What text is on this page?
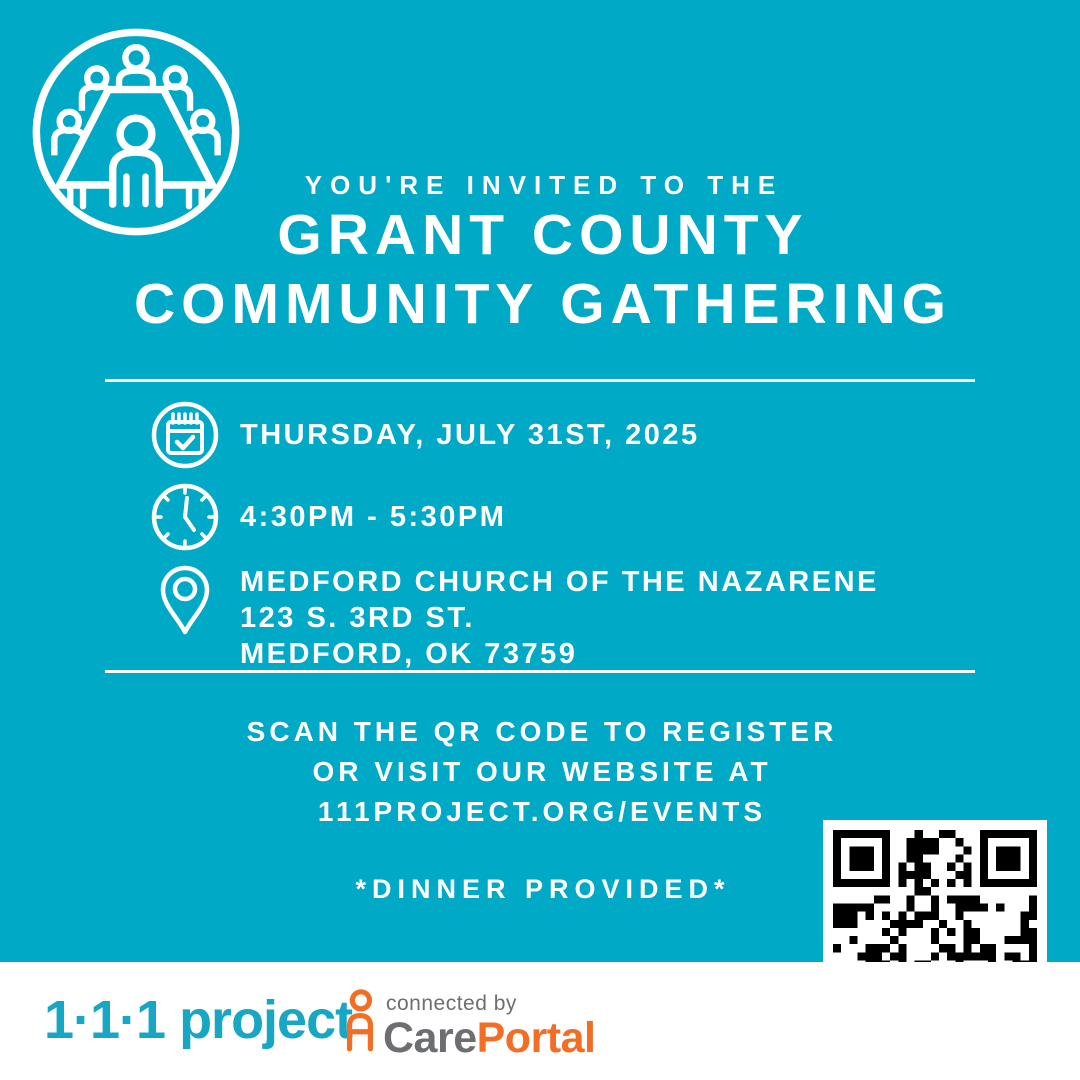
YOU'RE INVITED TO THE
GRANT COUNTY
COMMUNITY GATHERING
THURSDAY, JULY 31ST, 2025
4:30PM - 5:30PM
MEDFORD CHURCH OF THE NAZARENE
123 S. 3RD ST.
MEDFORD, OK 73759
SCAN THE QR CODE TO REGISTER
OR VISIT OUR WEBSITE AT
111PROJECT.ORG/EVENTS
*DINNER PROVIDED*
1·1·1 project connected by
CarePortal
